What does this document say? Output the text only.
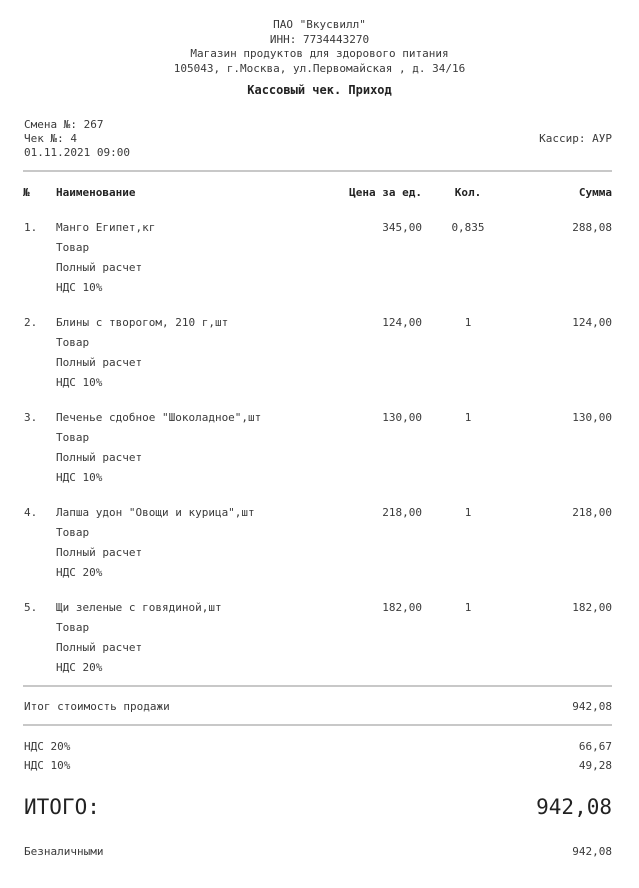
ПАО "Вкусвилл"
ИНН: 7734443270
Магазин продуктов для здорового питания
105043, г.Москва, ул.Первомайская , д. 34/16
Кассовый чек. Приход
Смена №: 267
Чек №: 4
01.11.2021 09:00
Кассир: АУР
№ Наименование	Цена за ед.	Кол.	Сумма
1. Манго Египет,кг	345,00	0,835	288,08
Товар
Полный расчет
НДС 10%
2. Блины с творогом, 210 г,шт	124,00	1	124,00
Товар
Полный расчет
НДС 10%
3. Печенье сдобное "Шоколадное",шт	130,00	1	130,00
Товар
Полный расчет
НДС 10%
4. Лапша удон "Овощи и курица",шт	218,00	1	218,00
Товар
Полный расчет
НДС 20%
5. Щи зеленые с говядиной,шт	182,00	1	182,00
Товар
Полный расчет
НДС 20%
Итог стоимость продажи	942,08
НДС 20%	66,67
НДС 10%	49,28
ИТОГО:	942,08
Безналичными	942,08
